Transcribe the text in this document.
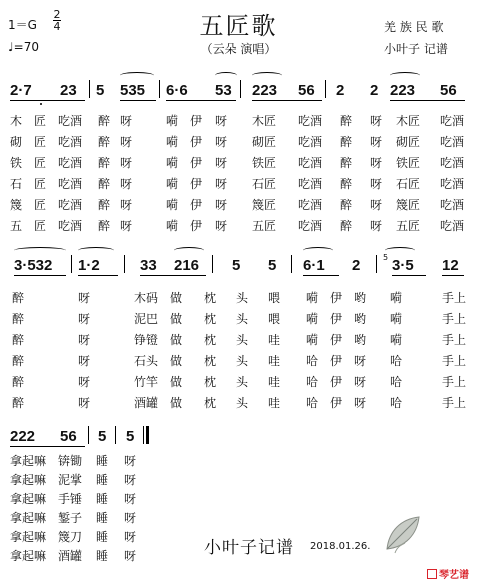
1＝G
2
4
♩=70
五匠歌
（云朵 演唱）
羌 族 民 歌
小叶子 记谱
2·7 23 5 535 6·6 53 223 56 2 2 223 56
木 匠 吃酒 醉 呀	嗬 伊 呀 木匠 吃酒 醉 呀 木匠 吃酒
砌 匠 吃酒 醉 呀	嗬 伊 呀 砌匠 吃酒 醉 呀 砌匠 吃酒
铁 匠 吃酒 醉 呀	嗬 伊 呀 铁匠 吃酒 醉 呀 铁匠 吃酒
石 匠 吃酒 醉 呀	嗬 伊 呀 石匠 吃酒 醉 呀 石匠 吃酒
篾 匠 吃酒 醉 呀	嗬 伊 呀 篾匠 吃酒 醉 呀 篾匠 吃酒
五 匠 吃酒 醉 呀	嗬 伊 呀 五匠 吃酒 醉 呀 五匠 吃酒
3·532 1·2	33 216 5 5 6·1 2	5 3·5 12
醉	呀	木码 做 枕 头 喂 嗬 伊 哟 嗬	手上
醉	呀	泥巴 做 枕 头 喂 嗬 伊 哟 嗬	手上
醉	呀	铮镫 做 枕 头 哇 嗬 伊 哟 嗬	手上
醉	呀	石头 做 枕 头 哇 哈 伊 呀 哈	手上
醉	呀	竹竿 做 枕 头 哇 哈 伊 呀 哈	手上
醉	呀	酒罐 做 枕 头 哇 哈 伊 呀 哈	手上
222 56 5 5
拿起嘛 锛锄 睡 呀
拿起嘛 泥掌 睡 呀
拿起嘛 手锤 睡 呀
拿起嘛 錾子 睡 呀
拿起嘛 篾刀 睡 呀
拿起嘛 酒罐 睡 呀	小叶子记谱 2018.01.26.
琴艺谱
